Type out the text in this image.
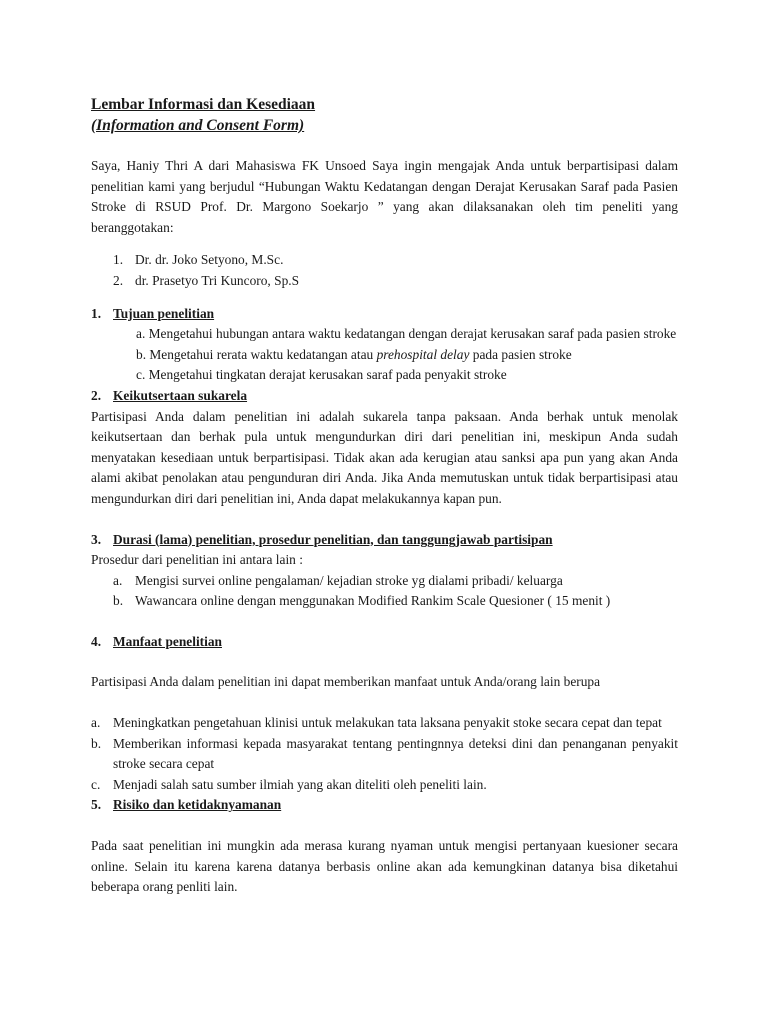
Lembar Informasi dan Kesediaan
(Information and Consent Form)
Saya, Haniy Thri A dari Mahasiswa FK Unsoed Saya ingin mengajak Anda untuk berpartisipasi dalam penelitian kami yang berjudul “Hubungan Waktu Kedatangan dengan Derajat Kerusakan Saraf pada Pasien Stroke di RSUD Prof. Dr. Margono Soekarjo ” yang akan dilaksanakan oleh tim peneliti yang beranggotakan:
1. Dr. dr. Joko Setyono, M.Sc.
2. dr. Prasetyo Tri Kuncoro, Sp.S
1. Tujuan penelitian
a. Mengetahui hubungan antara waktu kedatangan dengan derajat kerusakan saraf pada pasien stroke
b. Mengetahui rerata waktu kedatangan atau prehospital delay pada pasien stroke
c. Mengetahui tingkatan derajat kerusakan saraf pada penyakit stroke
2. Keikutsertaan sukarela
Partisipasi Anda dalam penelitian ini adalah sukarela tanpa paksaan. Anda berhak untuk menolak keikutsertaan dan berhak pula untuk mengundurkan diri dari penelitian ini, meskipun Anda sudah menyatakan kesediaan untuk berpartisipasi. Tidak akan ada kerugian atau sanksi apa pun yang akan Anda alami akibat penolakan atau pengunduran diri Anda. Jika Anda memutuskan untuk tidak berpartisipasi atau mengundurkan diri dari penelitian ini, Anda dapat melakukannya kapan pun.
3. Durasi (lama) penelitian, prosedur penelitian, dan tanggungjawab partisipan
Prosedur dari penelitian ini antara lain :
a. Mengisi survei online pengalaman/ kejadian stroke yg dialami pribadi/ keluarga
b. Wawancara online dengan menggunakan Modified Rankim Scale Quesioner ( 15 menit )
4. Manfaat penelitian
Partisipasi Anda dalam penelitian ini dapat memberikan manfaat untuk Anda/orang lain berupa
a. Meningkatkan pengetahuan klinisi untuk melakukan tata laksana penyakit stoke secara cepat dan tepat
b. Memberikan informasi kepada masyarakat tentang pentingnnya deteksi dini dan penanganan penyakit stroke secara cepat
c. Menjadi salah satu sumber ilmiah yang akan diteliti oleh peneliti lain.
5. Risiko dan ketidaknyamanan
Pada saat penelitian ini mungkin ada merasa kurang nyaman untuk mengisi pertanyaan kuesioner secara online. Selain itu karena karena datanya berbasis online akan ada kemungkinan datanya bisa diketahui beberapa orang penliti lain.
